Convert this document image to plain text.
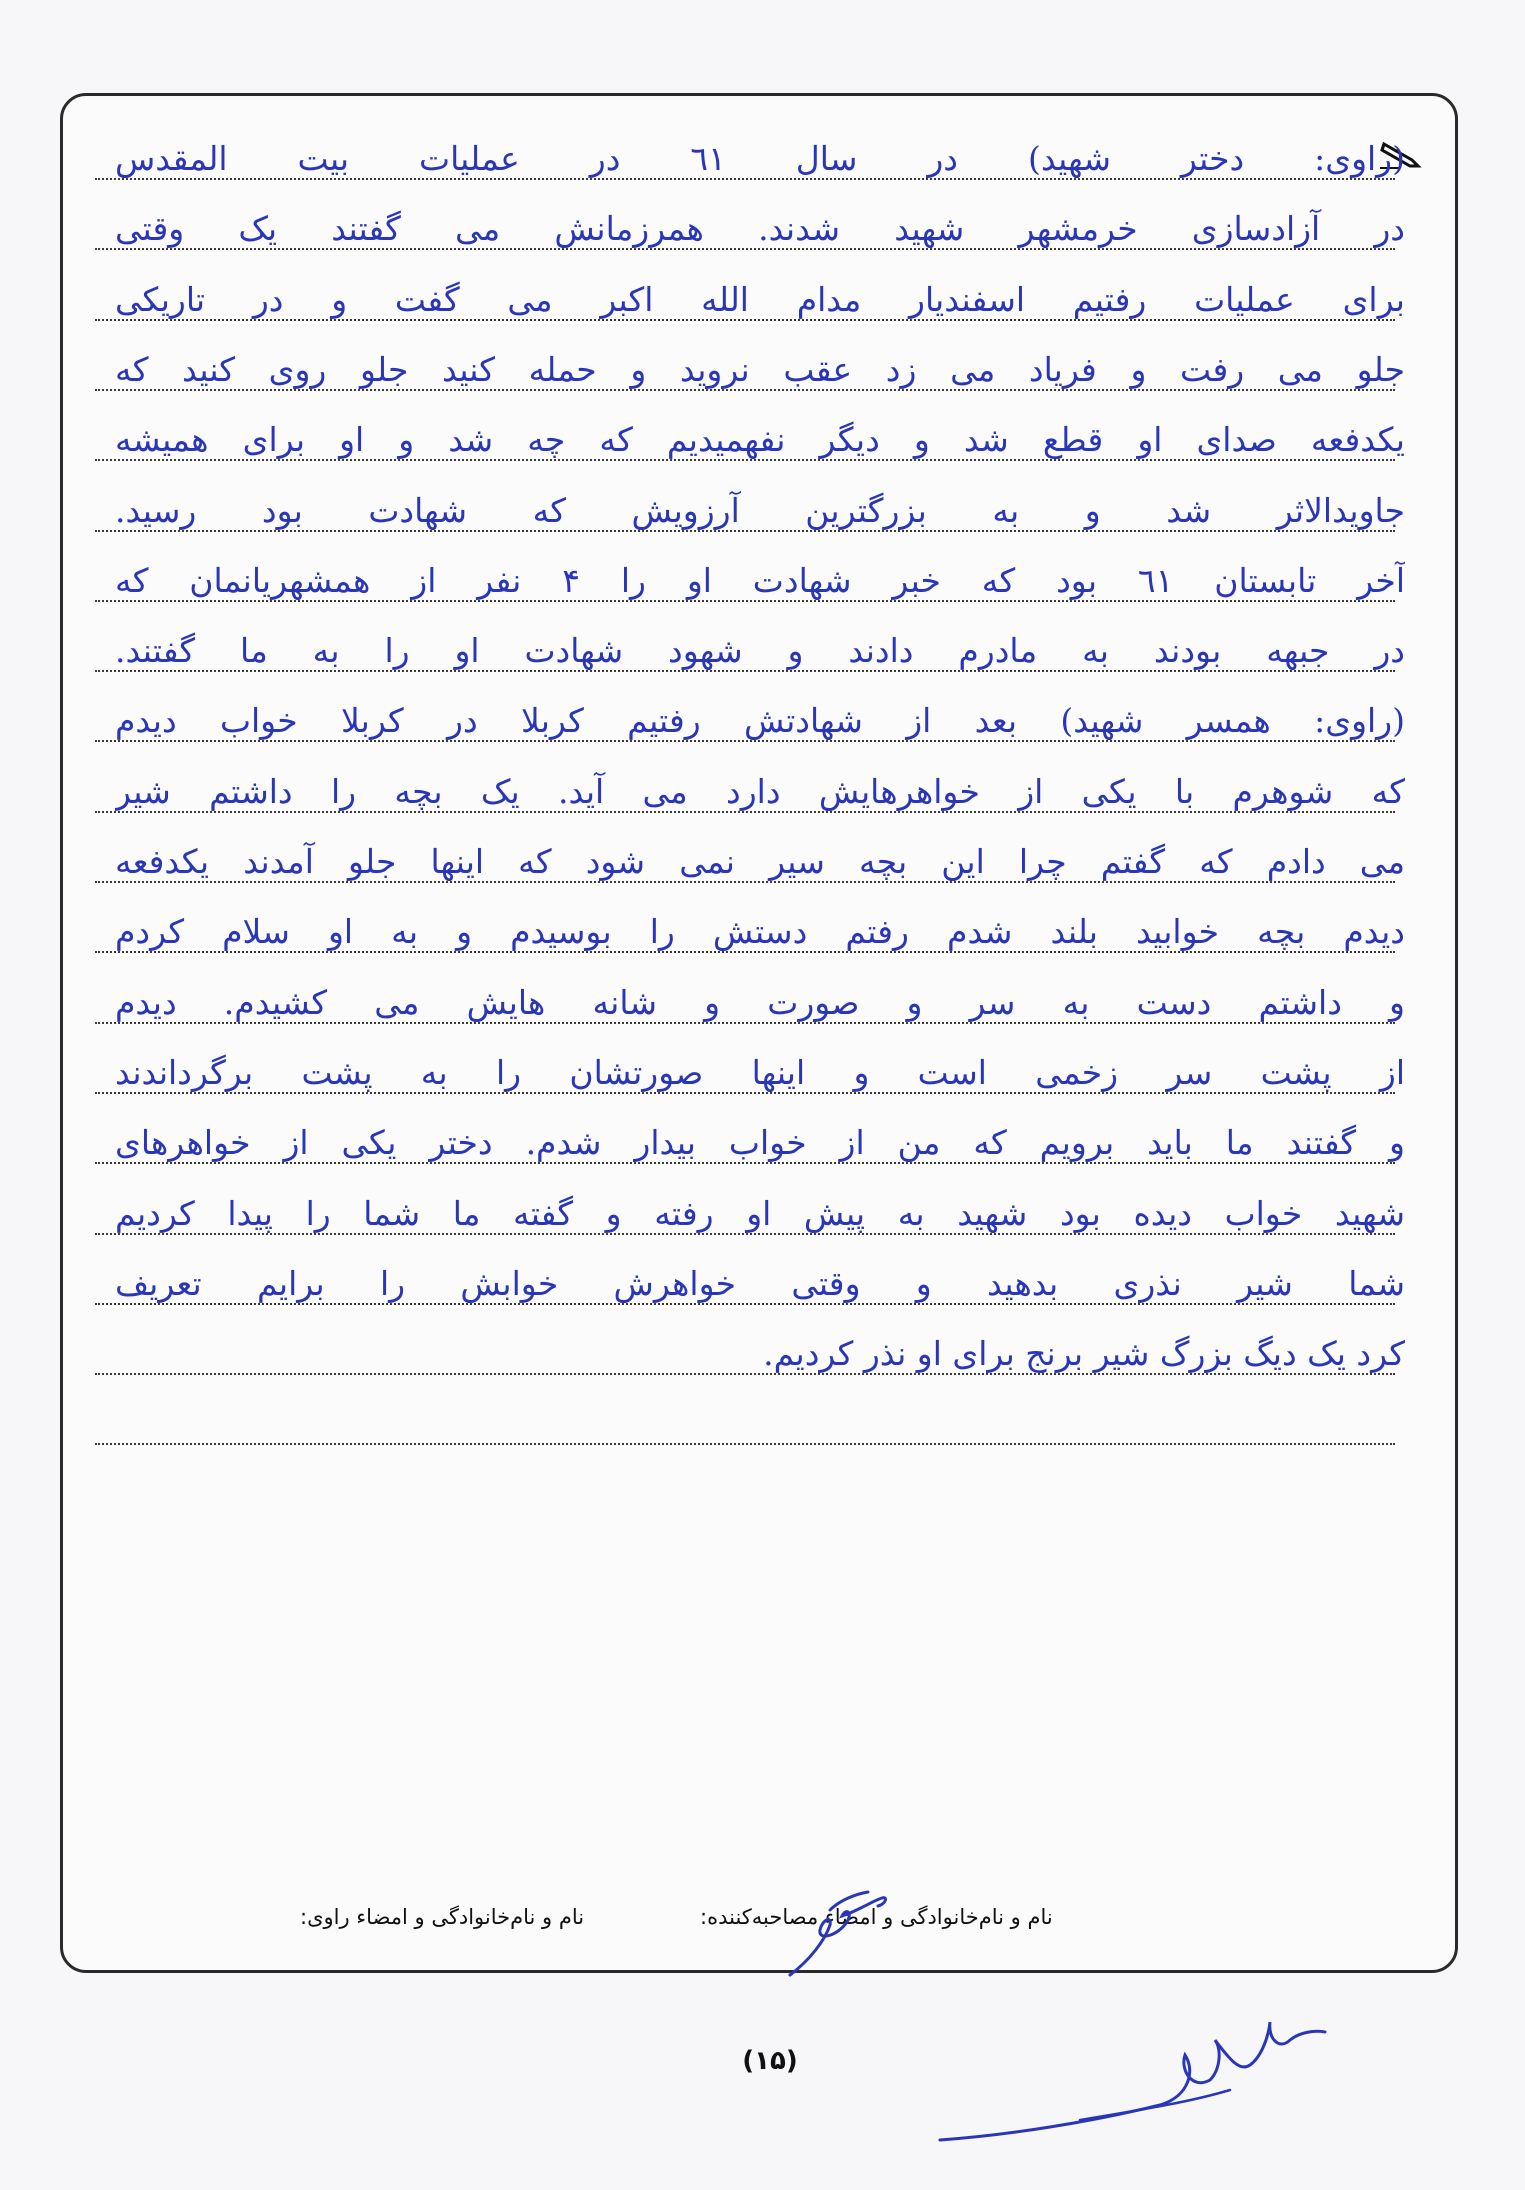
(راوی: دختر شهید) در سال ٦١ در عملیات بیت المقدس
در آزادسازی خرمشهر شهید شدند. همرزمانش می گفتند یک وقتی
برای عملیات رفتیم اسفندیار مدام الله اکبر می گفت و در تاریکی
جلو می رفت و فریاد می زد عقب نروید و حمله کنید جلو روی کنید که
یکدفعه صدای او قطع شد و دیگر نفهمیدیم که چه شد و او برای همیشه
جاویدالاثر شد و به بزرگترین آرزویش که شهادت بود رسید.
آخر تابستان ٦١ بود که خبر شهادت او را ۴ نفر از همشهریانمان که
در جبهه بودند به مادرم دادند و شهود شهادت او را به ما گفتند.
(راوی: همسر شهید) بعد از شهادتش رفتیم کربلا در کربلا خواب دیدم
که شوهرم با یکی از خواهرهایش دارد می آید. یک بچه را داشتم شیر
می دادم که گفتم چرا این بچه سیر نمی شود که اینها جلو آمدند یکدفعه
دیدم بچه خوابید بلند شدم رفتم دستش را بوسیدم و به او سلام کردم
و داشتم دست به سر و صورت و شانه هایش می کشیدم. دیدم
از پشت سر زخمی است و اینها صورتشان را به پشت برگرداندند
و گفتند ما باید برویم که من از خواب بیدار شدم. دختر یکی از خواهرهای
شهید خواب دیده بود شهید به پیش او رفته و گفته ما شما را پیدا کردیم
شما شیر نذری بدهید و وقتی خواهرش خوابش را برایم تعریف
کرد یک دیگ بزرگ شیر برنج برای او نذر کردیم.
نام و نام‌خانوادگی و امضاء مصاحبه‌کننده:
نام و نام‌خانوادگی و امضاء راوی:
(۱۵)
